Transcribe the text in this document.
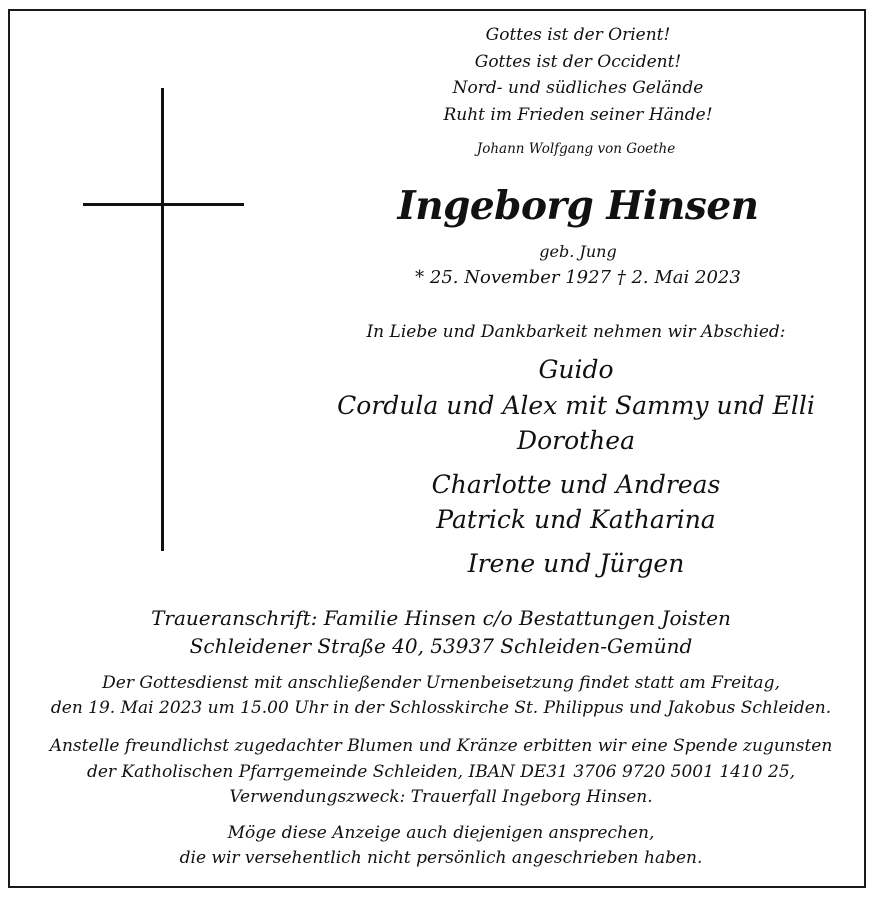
Gottes ist der Orient!
Gottes ist der Occident!
Nord- und südliches Gelände
Ruht im Frieden seiner Hände!
Johann Wolfgang von Goethe
Ingeborg Hinsen
geb. Jung
* 25. November 1927 † 2. Mai 2023
In Liebe und Dankbarkeit nehmen wir Abschied:
Guido
Cordula und Alex mit Sammy und Elli
Dorothea
Charlotte und Andreas
Patrick und Katharina
Irene und Jürgen
Traueranschrift: Familie Hinsen c/o Bestattungen Joisten
Schleidener Straße 40, 53937 Schleiden-Gemünd
Der Gottesdienst mit anschließender Urnenbeisetzung findet statt am Freitag,
den 19. Mai 2023 um 15.00 Uhr in der Schlosskirche St. Philippus und Jakobus Schleiden.
Anstelle freundlichst zugedachter Blumen und Kränze erbitten wir eine Spende zugunsten
der Katholischen Pfarrgemeinde Schleiden, IBAN DE31 3706 9720 5001 1410 25,
Verwendungszweck: Trauerfall Ingeborg Hinsen.
Möge diese Anzeige auch diejenigen ansprechen,
die wir versehentlich nicht persönlich angeschrieben haben.
